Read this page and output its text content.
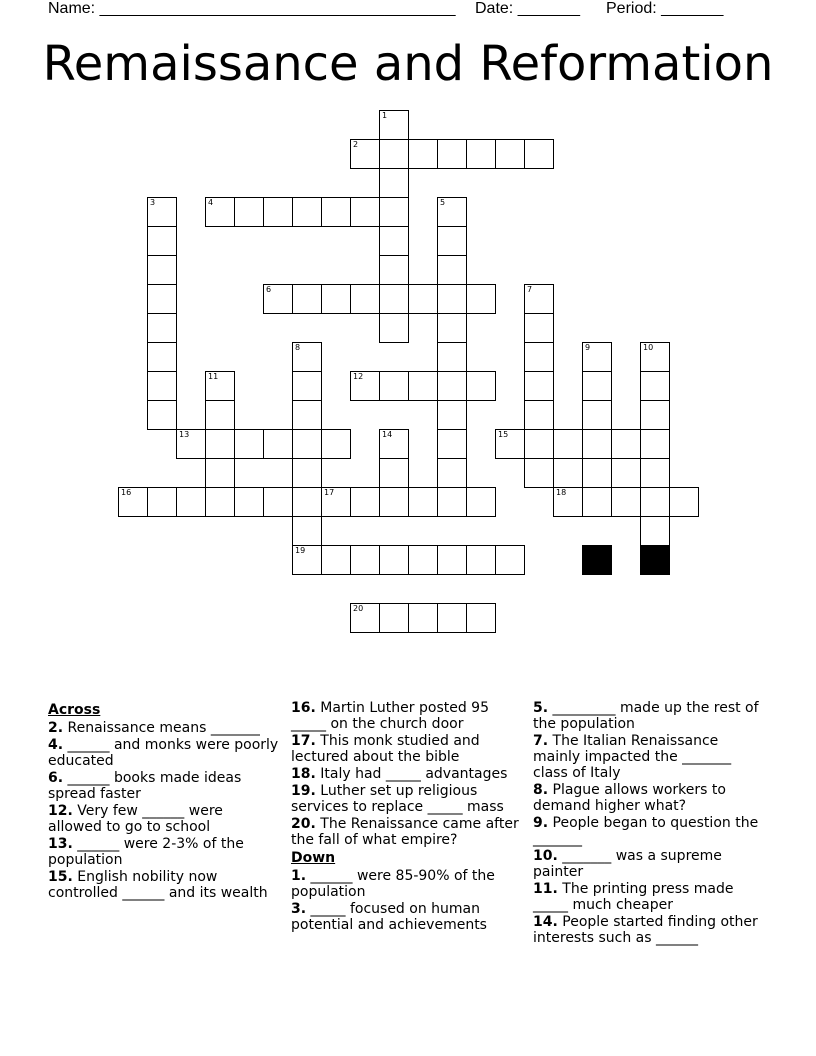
Name: ________________________________________ Date: _______ Period: _______
Remaissance and Reformation
1
2
3	4	5
6	7
8	9	10
11	12
13	14	15
16	17	18
19
20
Across
2. Renaissance means _______
4. ______ and monks were poorly educated
6. ______ books made ideas spread faster
12. Very few ______ were allowed to go to school
13. ______ were 2-3% of the population
15. English nobility now controlled ______ and its wealth
16. Martin Luther posted 95 _____ on the church door
17. This monk studied and lectured about the bible
18. Italy had _____ advantages
19. Luther set up religious services to replace _____ mass
20. The Renaissance came after the fall of what empire?
Down
1. ______ were 85-90% of the population
3. _____ focused on human potential and achievements
5. _________ made up the rest of the population
7. The Italian Renaissance mainly impacted the _______ class of Italy
8. Plague allows workers to demand higher what?
9. People began to question the _______
10. _______ was a supreme painter
11. The printing press made _____ much cheaper
14. People started finding other interests such as ______
